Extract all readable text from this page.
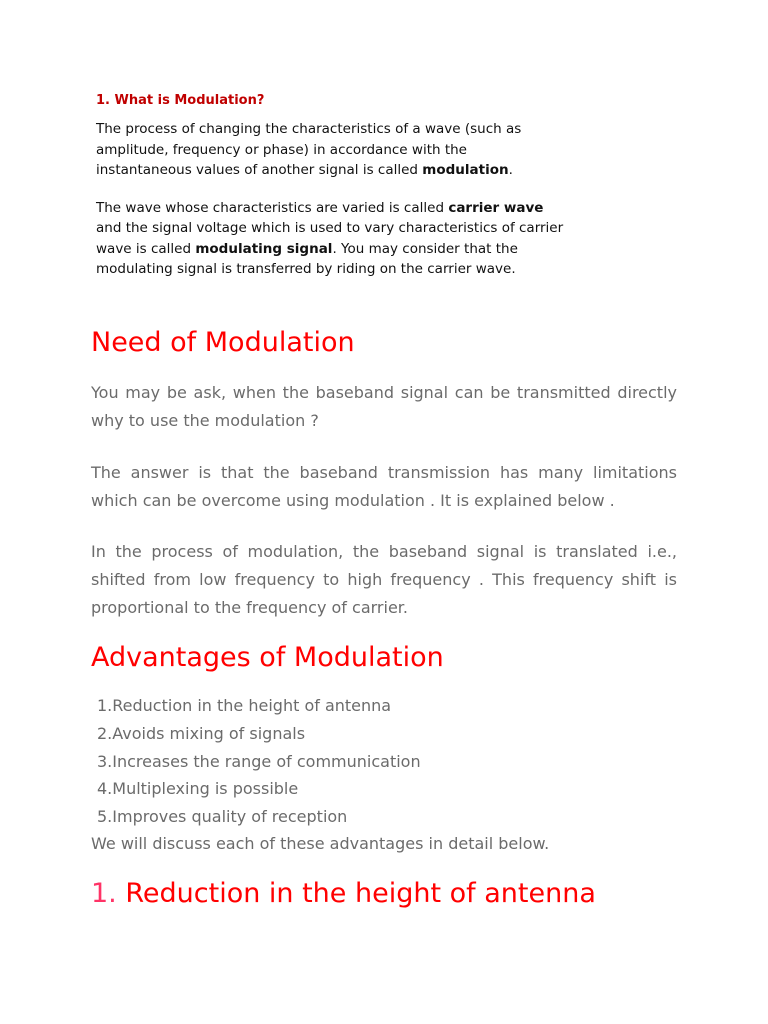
1. What is Modulation?

The process of changing the characteristics of a wave (such as amplitude, frequency or phase) in accordance with the instantaneous values of another signal is called modulation.

The wave whose characteristics are varied is called carrier wave and the signal voltage which is used to vary characteristics of carrier wave is called modulating signal. You may consider that the modulating signal is transferred by riding on the carrier wave.

Need of Modulation

You may be ask, when the baseband signal can be transmitted directly why to use the modulation ?

The answer is that the baseband transmission has many limitations which can be overcome using modulation . It is explained below .

In the process of modulation, the baseband signal is translated i.e., shifted from low frequency to high frequency . This frequency shift is proportional to the frequency of carrier.

Advantages of Modulation
1.Reduction in the height of antenna
2.Avoids mixing of signals
3.Increases the range of communication
4.Multiplexing is possible
5.Improves quality of reception

We will discuss each of these advantages in detail below.

1. Reduction in the height of antenna
